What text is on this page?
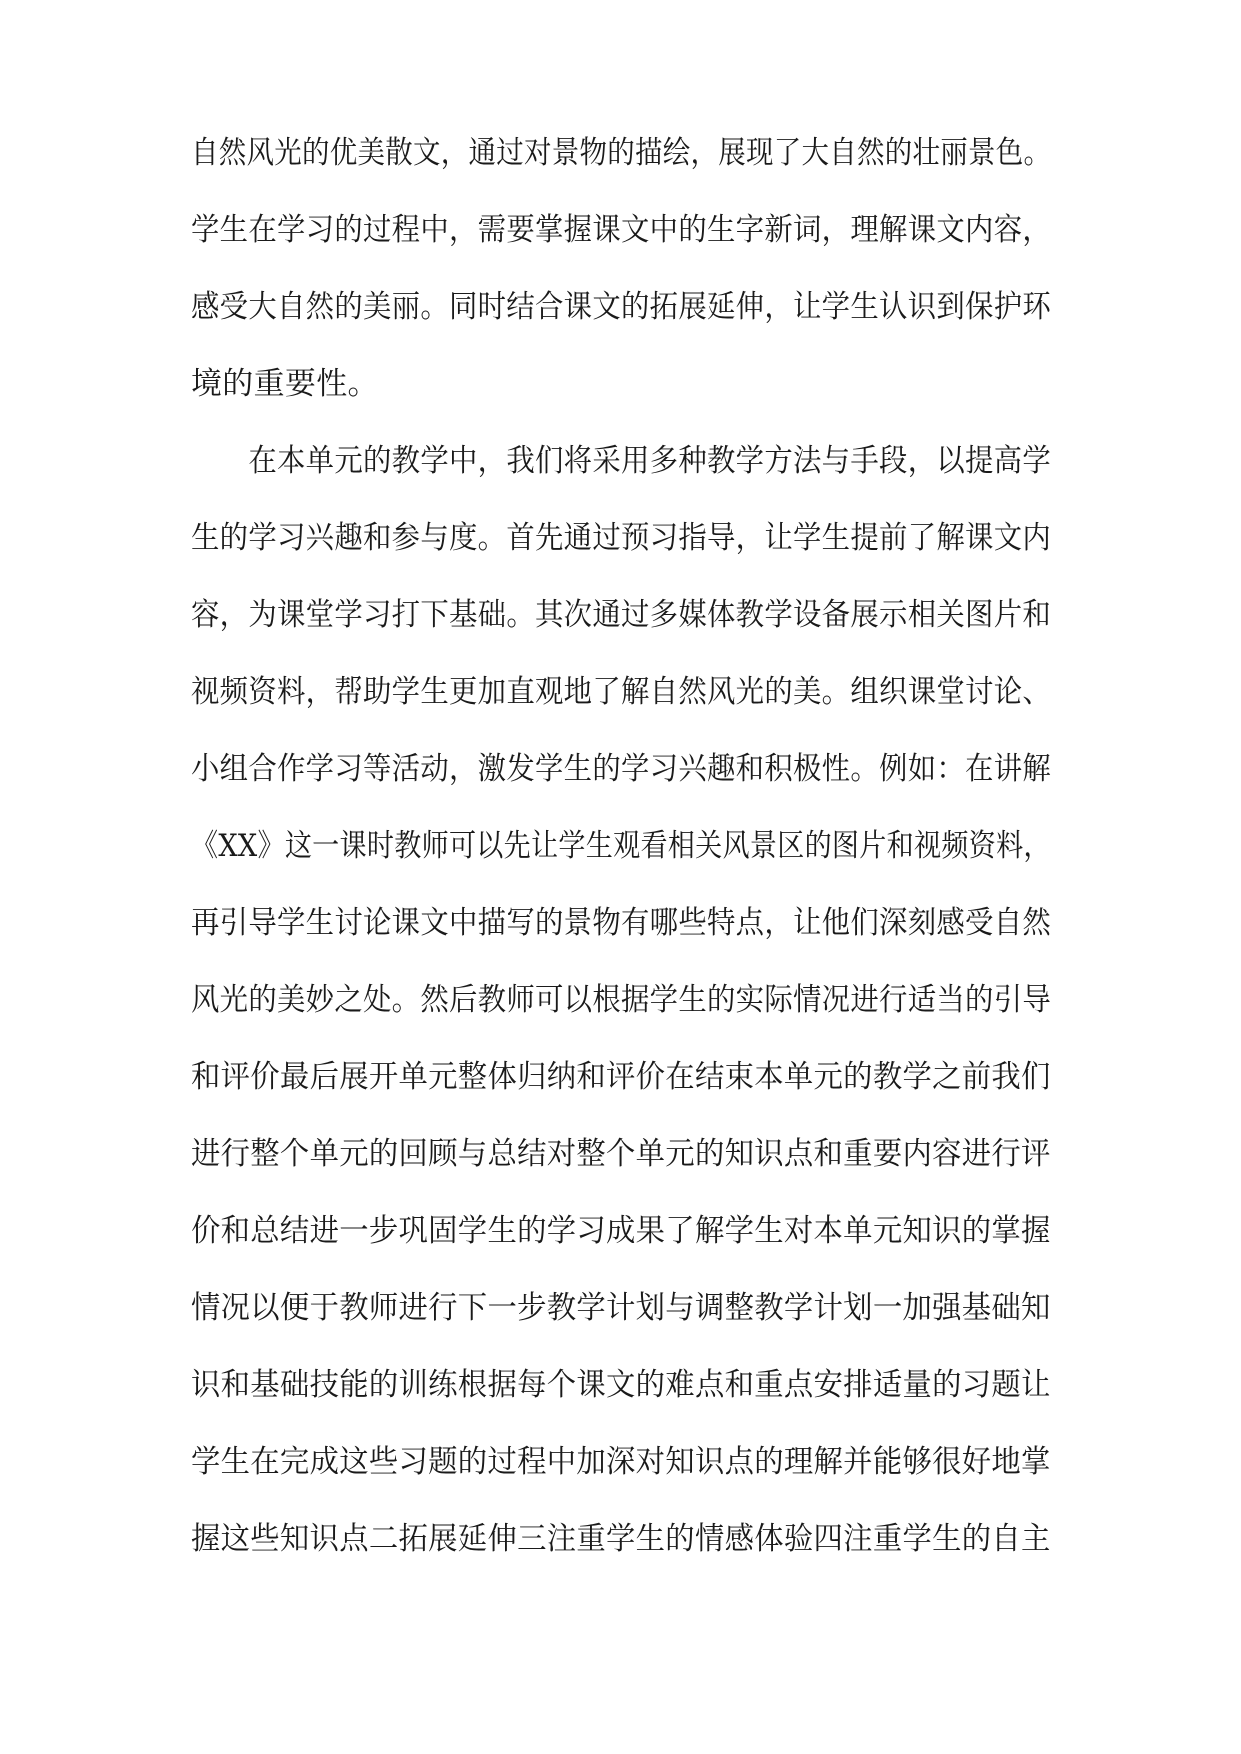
自然风光的优美散文，通过对景物的描绘，展现了大自然的壮丽景色。
学生在学习的过程中，需要掌握课文中的生字新词，理解课文内容，
感受大自然的美丽。同时结合课文的拓展延伸，让学生认识到保护环
境的重要性。
　　在本单元的教学中，我们将采用多种教学方法与手段，以提高学
生的学习兴趣和参与度。首先通过预习指导，让学生提前了解课文内
容，为课堂学习打下基础。其次通过多媒体教学设备展示相关图片和
视频资料，帮助学生更加直观地了解自然风光的美。组织课堂讨论、
小组合作学习等活动，激发学生的学习兴趣和积极性。例如：在讲解
《XX》这一课时教师可以先让学生观看相关风景区的图片和视频资料，
再引导学生讨论课文中描写的景物有哪些特点，让他们深刻感受自然
风光的美妙之处。然后教师可以根据学生的实际情况进行适当的引导
和评价最后展开单元整体归纳和评价在结束本单元的教学之前我们
进行整个单元的回顾与总结对整个单元的知识点和重要内容进行评
价和总结进一步巩固学生的学习成果了解学生对本单元知识的掌握
情况以便于教师进行下一步教学计划与调整教学计划一加强基础知
识和基础技能的训练根据每个课文的难点和重点安排适量的习题让
学生在完成这些习题的过程中加深对知识点的理解并能够很好地掌
握这些知识点二拓展延伸三注重学生的情感体验四注重学生的自主
